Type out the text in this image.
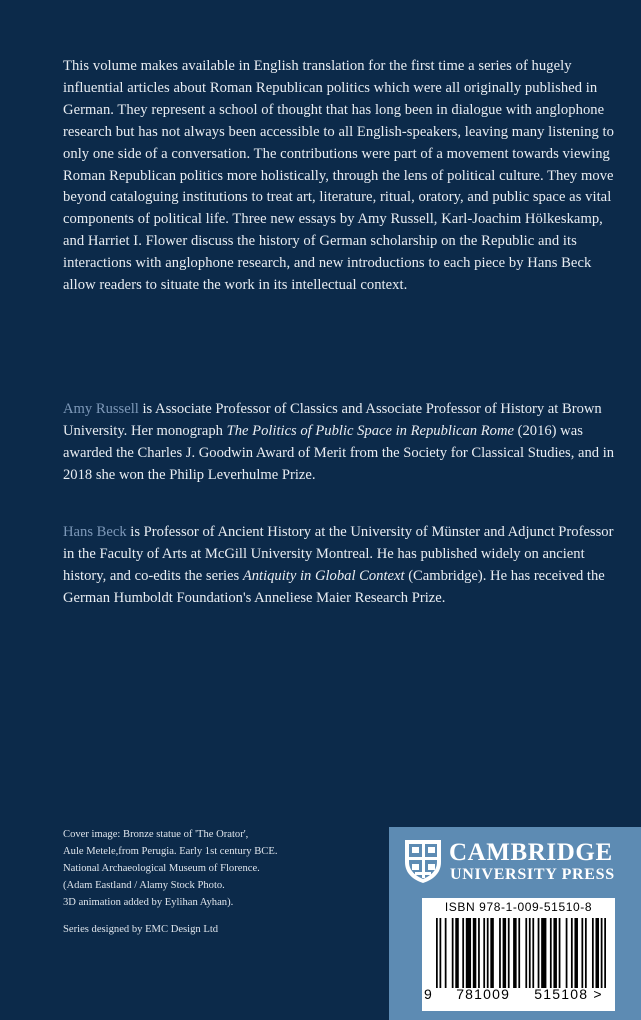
This volume makes available in English translation for the first time a series of hugely influential articles about Roman Republican politics which were all originally published in German. They represent a school of thought that has long been in dialogue with anglophone research but has not always been accessible to all English-speakers, leaving many listening to only one side of a conversation. The contributions were part of a movement towards viewing Roman Republican politics more holistically, through the lens of political culture. They move beyond cataloguing institutions to treat art, literature, ritual, oratory, and public space as vital components of political life. Three new essays by Amy Russell, Karl-Joachim Hölkeskamp, and Harriet I. Flower discuss the history of German scholarship on the Republic and its interactions with anglophone research, and new introductions to each piece by Hans Beck allow readers to situate the work in its intellectual context.
Amy Russell is Associate Professor of Classics and Associate Professor of History at Brown University. Her monograph The Politics of Public Space in Republican Rome (2016) was awarded the Charles J. Goodwin Award of Merit from the Society for Classical Studies, and in 2018 she won the Philip Leverhulme Prize.
Hans Beck is Professor of Ancient History at the University of Münster and Adjunct Professor in the Faculty of Arts at McGill University Montreal. He has published widely on ancient history, and co-edits the series Antiquity in Global Context (Cambridge). He has received the German Humboldt Foundation's Anneliese Maier Research Prize.
Cover image: Bronze statue of 'The Orator',
Aule Metele,from Perugia. Early 1st century BCE.
National Archaeological Museum of Florence.
(Adam Eastland / Alamy Stock Photo.
3D animation added by Eylihan Ayhan).
Series designed by EMC Design Ltd
CAMBRIDGE
UNIVERSITY PRESS
ISBN 978-1-009-51510-8
9 781009 515108 >
